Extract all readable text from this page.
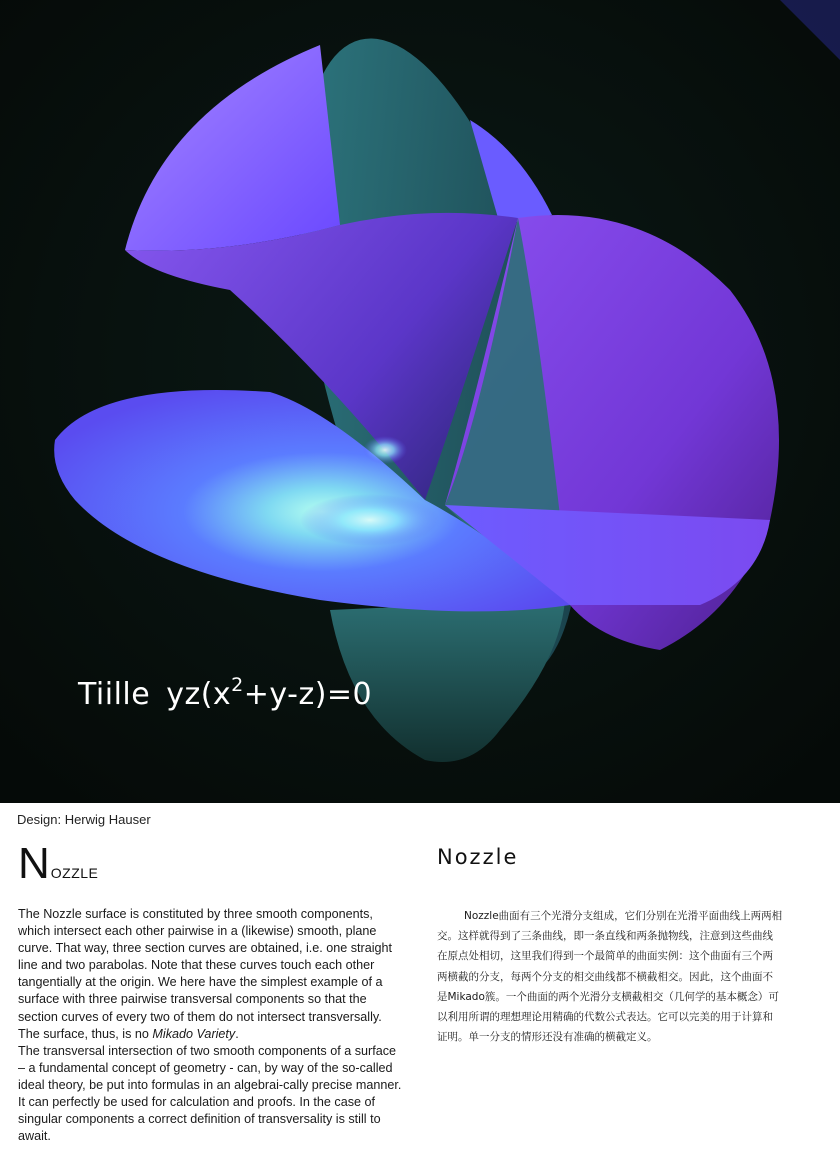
Tiille $yz(x^2+y-z)=0$
Design: Herwig Hauser
NOZZLE

The Nozzle surface is constituted by three smooth components, which intersect each other pairwise in a (likewise) smooth, plane curve. That way, three section curves are obtained, i.e. one straight line and two parabolas. Note that these curves touch each other tangentially at the origin. We here have the simplest example of a surface with three pairwise transversal components so that the section curves of every two of them do not intersect transversally. The surface, thus, is no Mikado Variety.

The transversal intersection of two smooth components of a surface – a fundamental concept of geometry - can, by way of the so-called ideal theory, be put into formulas in an algebrai-cally precise manner. It can perfectly be used for calculation and proofs. In the case of singular components a correct definition of transversality is still to await.

Nozzle
Nozzle曲面有三个光滑分支组成，它们分别在光滑平面曲线上两两相交。这样就得到了三条曲线，即一条直线和两条抛物线，注意到这些曲线在原点处相切，这里我们得到一个最简单的曲面实例：这个曲面有三个两两横截的分支，每两个分支的相交曲线都不横截相交。因此，这个曲面不是Mikado簇。一个曲面的两个光滑分支横截相交（几何学的基本概念）可以利用所谓的理想理论用精确的代数公式表达。它可以完美的用于计算和证明。单一分支的情形还没有准确的横截定义。
